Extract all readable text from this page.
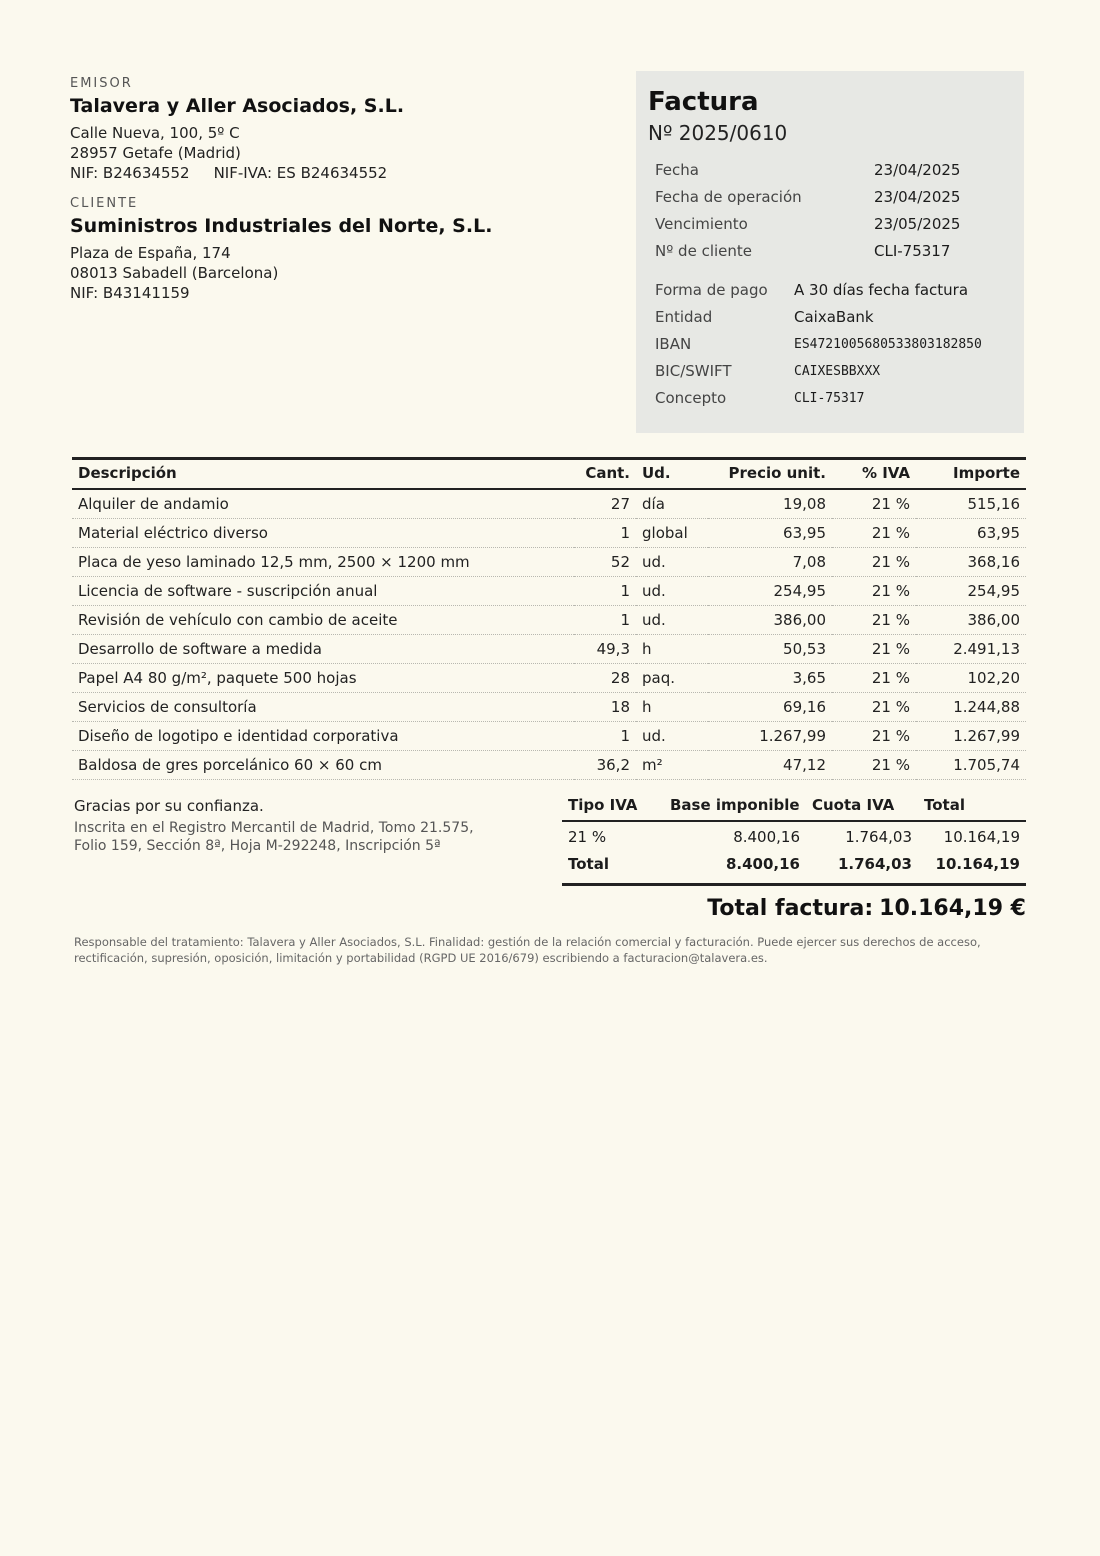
EMISOR
Talavera y Aller Asociados, S.L.
Calle Nueva, 100, 5º C
28957 Getafe (Madrid)
NIF: B24634552 NIF-IVA: ES B24634552
CLIENTE
Suministros Industriales del Norte, S.L.
Plaza de España, 174
08013 Sabadell (Barcelona)
NIF: B43141159
Factura
Nº 2025/0610
Fecha	23/04/2025
Fecha de operación	23/04/2025
Vencimiento	23/05/2025
Nº de cliente	CLI-75317
Forma de pago A 30 días fecha factura
Entidad	CaixaBank
IBAN	ES4721005680533803182850
BIC/SWIFT	CAIXESBBXXX
Concepto	CLI-75317
Descripción	Cant.	Ud.	Precio unit.	% IVA	Importe
Alquiler de andamio	27	día	19,08	21 %	515,16
Material eléctrico diverso	1	global	63,95	21 %	63,95
Placa de yeso laminado 12,5 mm, 2500 × 1200 mm	52	ud.	7,08	21 %	368,16
Licencia de software - suscripción anual	1	ud.	254,95	21 %	254,95
Revisión de vehículo con cambio de aceite	1	ud.	386,00	21 %	386,00
Desarrollo de software a medida	49,3	h	50,53	21 %	2.491,13
Papel A4 80 g/m², paquete 500 hojas	28	paq.	3,65	21 %	102,20
Servicios de consultoría	18	h	69,16	21 %	1.244,88
Diseño de logotipo e identidad corporativa	1	ud.	1.267,99	21 %	1.267,99
Baldosa de gres porcelánico 60 × 60 cm	36,2	m²	47,12	21 %	1.705,74
Gracias por su confianza.
Inscrita en el Registro Mercantil de Madrid, Tomo 21.575,
Folio 159, Sección 8ª, Hoja M-292248, Inscripción 5ª
Tipo IVA	Base imponible	Cuota IVA	Total
21 %	8.400,16	1.764,03	10.164,19
Total	8.400,16	1.764,03	10.164,19
Total factura: 10.164,19 €
Responsable del tratamiento: Talavera y Aller Asociados, S.L. Finalidad: gestión de la relación comercial y facturación. Puede ejercer sus derechos de acceso,
rectificación, supresión, oposición, limitación y portabilidad (RGPD UE 2016/679) escribiendo a facturacion@talavera.es.
